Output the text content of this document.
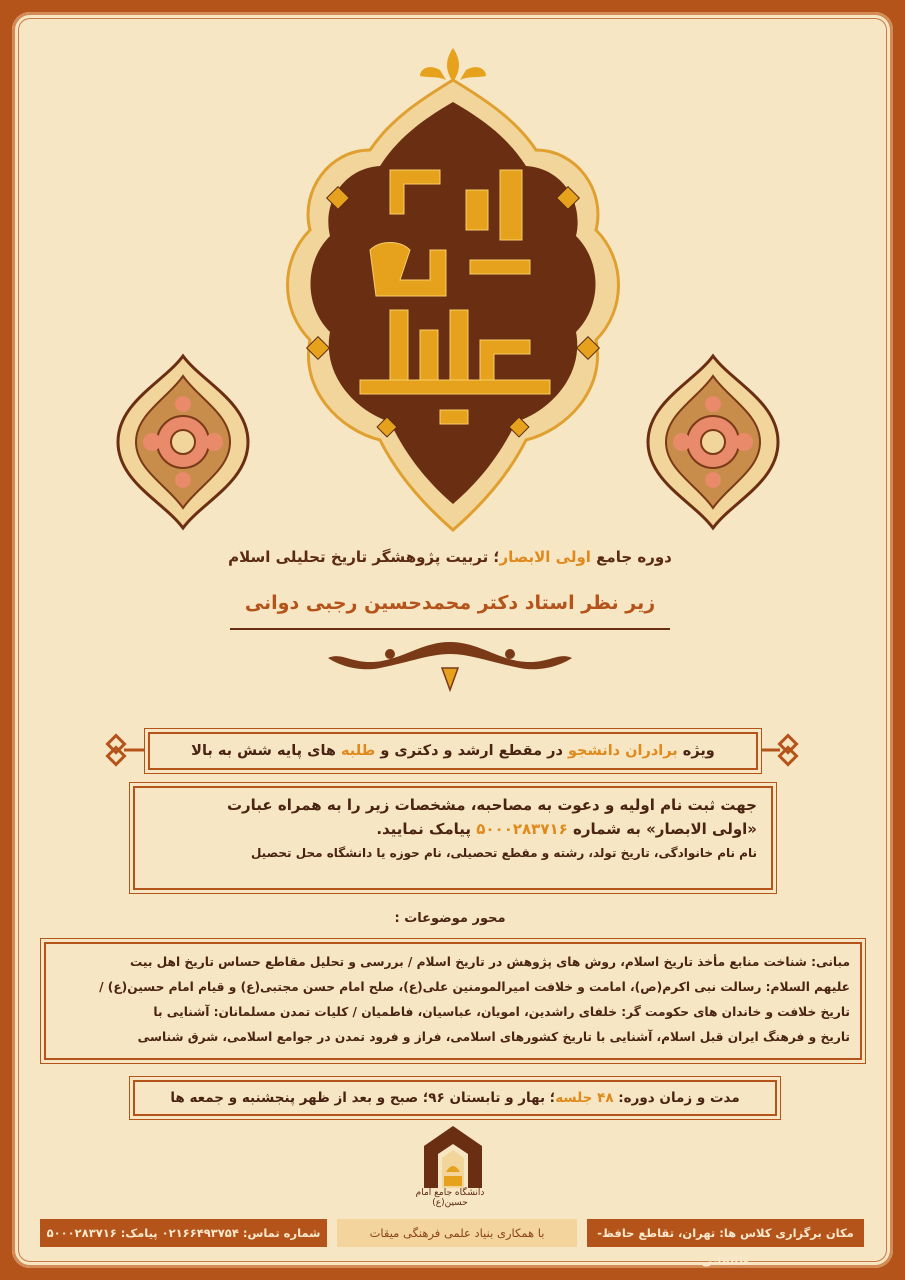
دوره جامع اولی الابصار؛ تربیت پژوهشگر تاریخ تحلیلی اسلام
زیر نظر استاد دکتر محمدحسین رجبی دوانی
ویژه برادران دانشجو در مقطع ارشد و دکتری و طلبه های پایه شش به بالا
جهت ثبت نام اولیه و دعوت به مصاحبه، مشخصات زیر را به همراه عبارت
«اولی الابصار» به شماره ۵۰۰۰۲۸۳۷۱۶ پیامک نمایید.
نام نام خانوادگی، تاریخ تولد، رشته و مقطع تحصیلی، نام حوزه یا دانشگاه محل تحصیل
محور موضوعات :
مبانی: شناخت منابع مأخذ تاریخ اسلام، روش های پژوهش در تاریخ اسلام / بررسی و تحلیل مقاطع حساس تاریخ اهل بیت
علیهم السلام: رسالت نبی اکرم(ص)، امامت و خلافت امیرالمومنین علی(ع)، صلح امام حسن مجتبی(ع) و قیام امام حسین(ع) /
تاریخ خلافت و خاندان های حکومت گر: خلفای راشدین، امویان، عباسیان، فاطمیان / کلیات تمدن مسلمانان: آشنایی با
تاریخ و فرهنگ ایران قبل اسلام، آشنایی با تاریخ کشورهای اسلامی، فراز و فرود تمدن در جوامع اسلامی، شرق شناسی
مدت و زمان دوره: ۴۸ جلسه؛ بهار و تابستان ۹۶؛ صبح و بعد از ظهر پنجشنبه و جمعه ها
دانشگاه جامع امام حسین(ع)
مکان برگزاری کلاس ها: تهران، تقاطع حافظ-طالقانی
با همکاری بنیاد علمی فرهنگی میقات
شماره تماس: ۰۲۱۶۶۴۹۳۷۵۴ پیامک: ۵۰۰۰۲۸۳۷۱۶
